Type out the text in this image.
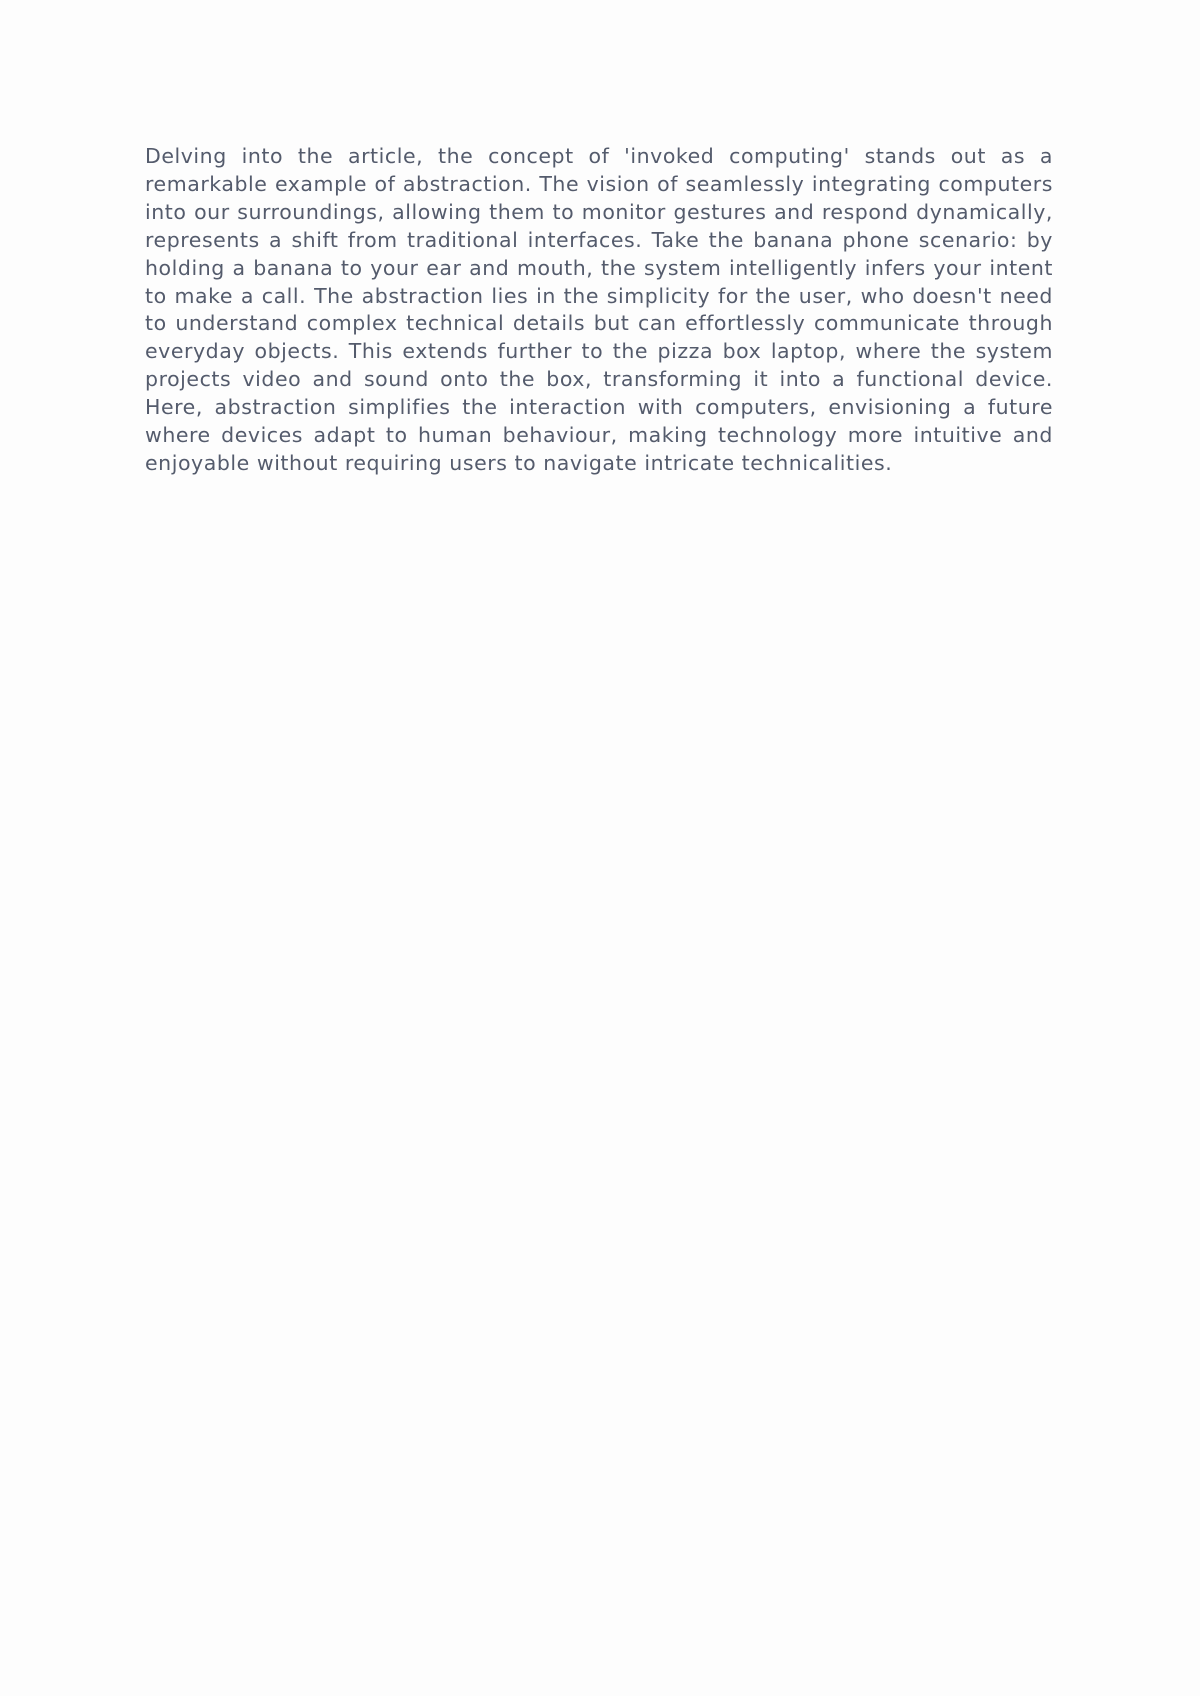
Delving into the article, the concept of 'invoked computing' stands out as a remarkable example of abstraction. The vision of seamlessly integrating computers into our surroundings, allowing them to monitor gestures and respond dynamically, represents a shift from traditional interfaces. Take the banana phone scenario: by holding a banana to your ear and mouth, the system intelligently infers your intent to make a call. The abstraction lies in the simplicity for the user, who doesn't need to understand complex technical details but can effortlessly communicate through everyday objects. This extends further to the pizza box laptop, where the system projects video and sound onto the box, transforming it into a functional device. Here, abstraction simplifies the interaction with computers, envisioning a future where devices adapt to human behaviour, making technology more intuitive and enjoyable without requiring users to navigate intricate technicalities.
